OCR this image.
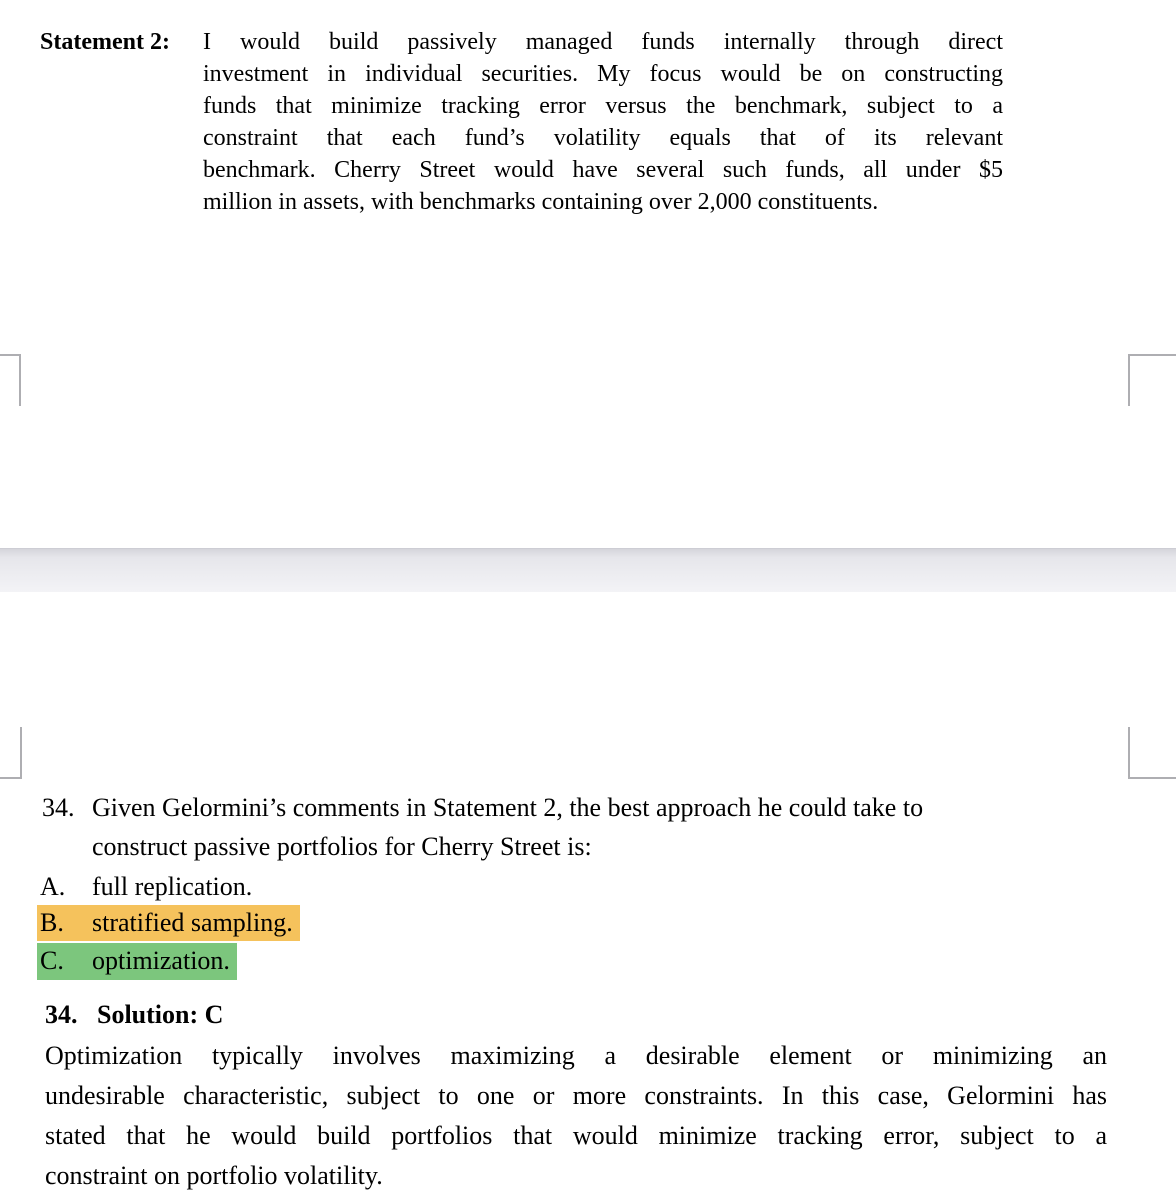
Statement 2: I would build passively managed funds internally through direct
investment in individual securities. My focus would be on constructing
funds that minimize tracking error versus the benchmark, subject to a
constraint that each fund’s volatility equals that of its relevant
benchmark. Cherry Street would have several such funds, all under $5
million in assets, with benchmarks containing over 2,000 constituents.
34. Given Gelormini’s comments in Statement 2, the best approach he could take to
construct passive portfolios for Cherry Street is:
A. full replication.
B. stratified sampling.
C. optimization.
34. Solution: C
Optimization typically involves maximizing a desirable element or minimizing an
undesirable characteristic, subject to one or more constraints. In this case, Gelormini has
stated that he would build portfolios that would minimize tracking error, subject to a
constraint on portfolio volatility.
